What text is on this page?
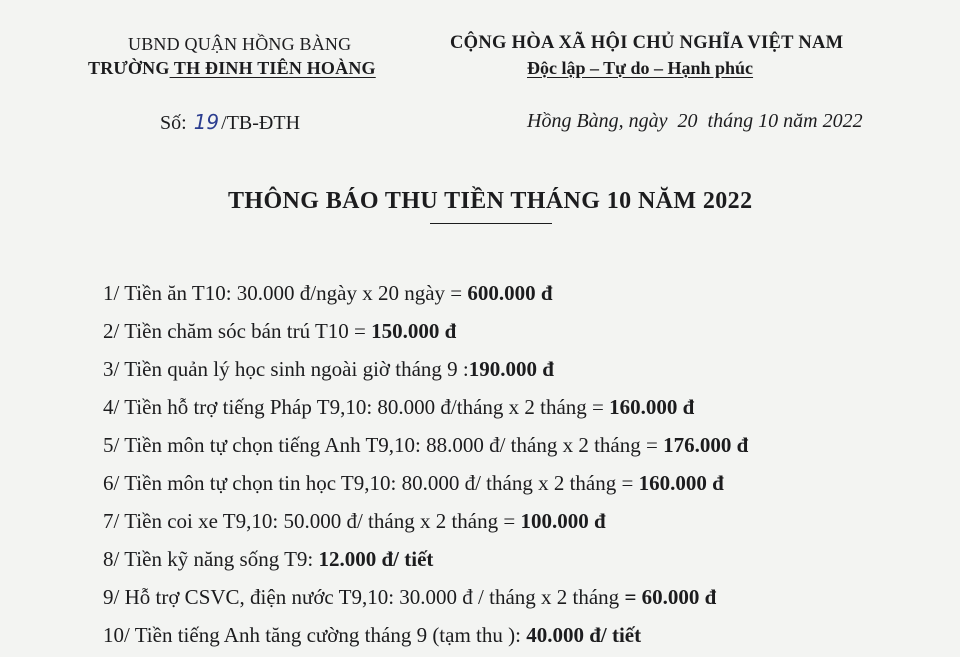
UBND QUẬN HỒNG BÀNG
TRƯỜNG TH ĐINH TIÊN HOÀNG
CỘNG HÒA XÃ HỘI CHỦ NGHĨA VIỆT NAM
Độc lập – Tự do – Hạnh phúc
Số: 19 /TB-ĐTH	Hồng Bàng, ngày 20 tháng 10 năm 2022
THÔNG BÁO THU TIỀN THÁNG 10 NĂM 2022
1/ Tiền ăn T10: 30.000 đ/ngày x 20 ngày = 600.000 đ
2/ Tiền chăm sóc bán trú T10 = 150.000 đ
3/ Tiền quản lý học sinh ngoài giờ tháng 9 :190.000 đ
4/ Tiền hỗ trợ tiếng Pháp T9,10: 80.000 đ/tháng x 2 tháng = 160.000 đ
5/ Tiền môn tự chọn tiếng Anh T9,10: 88.000 đ/ tháng x 2 tháng = 176.000 đ
6/ Tiền môn tự chọn tin học T9,10: 80.000 đ/ tháng x 2 tháng = 160.000 đ
7/ Tiền coi xe T9,10: 50.000 đ/ tháng x 2 tháng = 100.000 đ
8/ Tiền kỹ năng sống T9: 12.000 đ/ tiết
9/ Hỗ trợ CSVC, điện nước T9,10: 30.000 đ / tháng x 2 tháng = 60.000 đ
10/ Tiền tiếng Anh tăng cường tháng 9 (tạm thu ): 40.000 đ/ tiết
